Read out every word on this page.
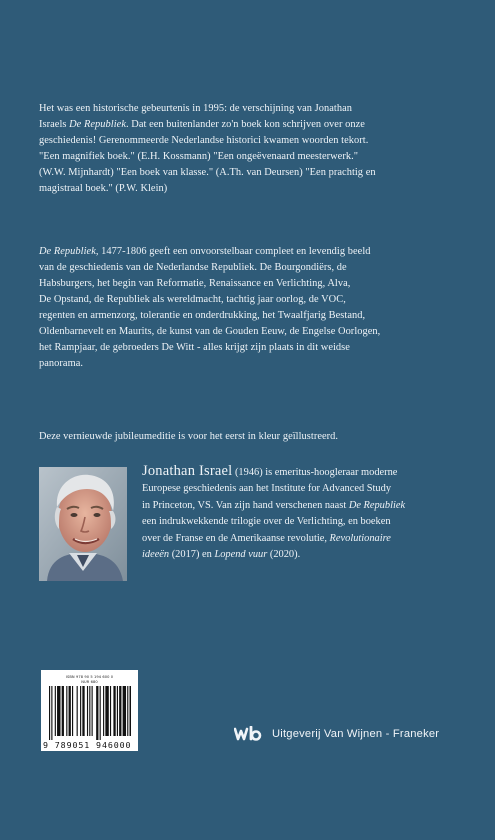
Het was een historische gebeurtenis in 1995: de verschijning van Jonathan
Israels De Republiek. Dat een buitenlander zo'n boek kon schrijven over onze
geschiedenis! Gerenommeerde Nederlandse historici kwamen woorden tekort.
"Een magnifiek boek." (E.H. Kossmann) "Een ongeëvenaard meesterwerk."
(W.W. Mijnhardt) "Een boek van klasse." (A.Th. van Deursen) "Een prachtig en
magistraal boek." (P.W. Klein)

De Republiek, 1477-1806 geeft een onvoorstelbaar compleet en levendig beeld
van de geschiedenis van de Nederlandse Republiek. De Bourgondiërs, de
Habsburgers, het begin van Reformatie, Renaissance en Verlichting, Alva,
De Opstand, de Republiek als wereldmacht, tachtig jaar oorlog, de VOC,
regenten en armenzorg, tolerantie en onderdrukking, het Twaalfjarig Bestand,
Oldenbarnevelt en Maurits, de kunst van de Gouden Eeuw, de Engelse Oorlogen,
het Rampjaar, de gebroeders De Witt - alles krijgt zijn plaats in dit weidse
panorama.

Deze vernieuwde jubileumeditie is voor het eerst in kleur geïllustreerd.

Jonathan Israel (1946) is emeritus-hoogleraar moderne
Europese geschiedenis aan het Institute for Advanced Study
in Princeton, VS. Van zijn hand verschenen naast De Republiek
een indrukwekkende trilogie over de Verlichting, en boeken
over de Franse en de Amerikaanse revolutie, Revolutionaire
ideeën (2017) en Lopend vuur (2020).

ISBN 978 90 5 194 600 0
NUR 680
9 789051 946000
Uitgeverij Van Wijnen - Franeker
